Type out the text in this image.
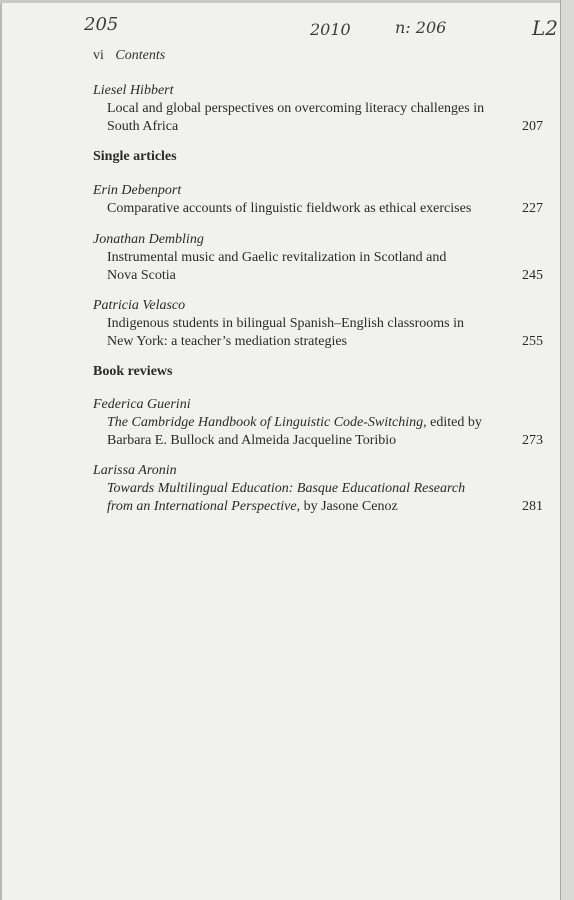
205	2010	n: 206	L2
vi Contents
Liesel Hibbert
Local and global perspectives on overcoming literacy challenges in
South Africa	207
Single articles
Erin Debenport
Comparative accounts of linguistic fieldwork as ethical exercises	227
Jonathan Dembling
Instrumental music and Gaelic revitalization in Scotland and
Nova Scotia	245
Patricia Velasco
Indigenous students in bilingual Spanish–English classrooms in
New York: a teacher’s mediation strategies	255
Book reviews
Federica Guerini
The Cambridge Handbook of Linguistic Code-Switching, edited by
Barbara E. Bullock and Almeida Jacqueline Toribio	273
Larissa Aronin
Towards Multilingual Education: Basque Educational Research
from an International Perspective, by Jasone Cenoz	281
